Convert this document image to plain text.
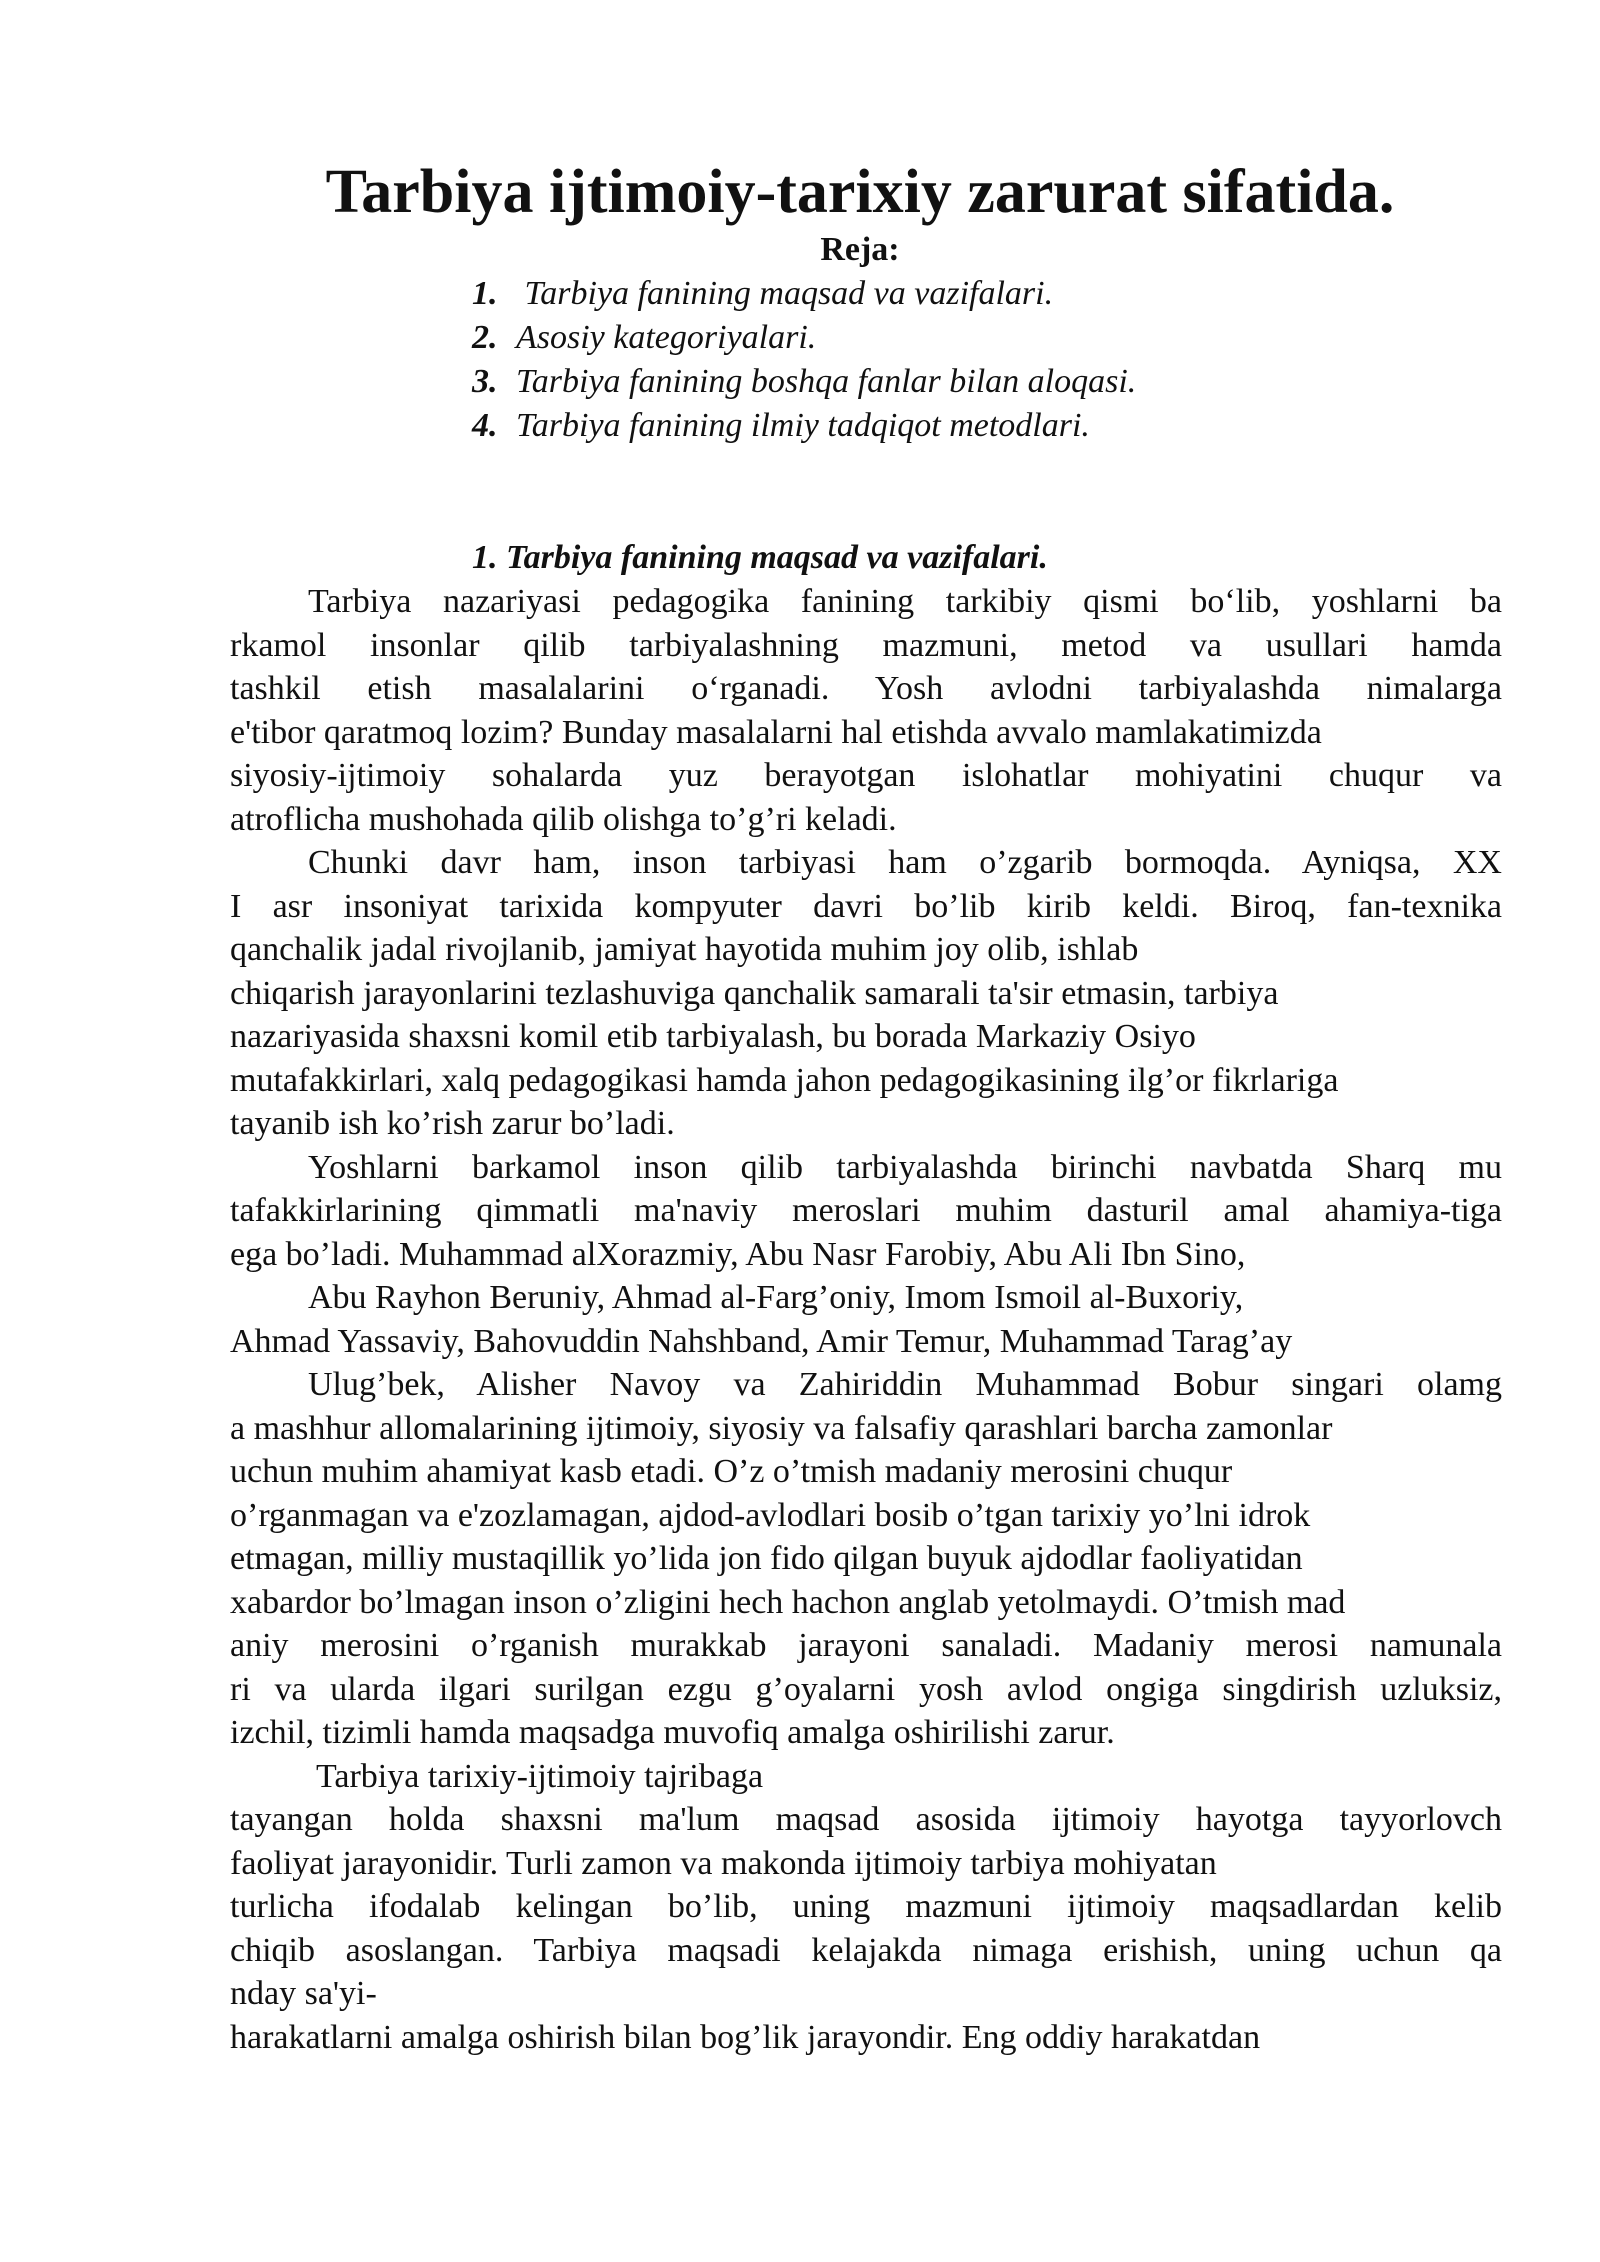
Tarbiya ijtimoiy-tarixiy zarurat sifatida.
Reja:
1. Tarbiya fanining maqsad va vazifalari.
2. Asosiy kategoriyalari.
3. Tarbiya fanining boshqa fanlar bilan aloqasi.
4. Tarbiya fanining ilmiy tadqiqot metodlari.
1. Tarbiya fanining maqsad va vazifalari.
Tarbiya nazariyasi pedagogika fanining tarkibiy qismi bo‘lib, yoshlarni ba
rkamol insonlar qilib tarbiyalashning mazmuni, metod va usullari hamda
tashkil etish masalalarini o‘rganadi. Yosh avlodni tarbiyalashda nimalarga
e'tibor qaratmoq lozim? Bunday masalalarni hal etishda avvalo mamlakatimizda
siyosiy-ijtimoiy sohalarda yuz berayotgan islohatlar mohiyatini chuqur va
atroflicha mushohada qilib olishga to’g’ri keladi.
Chunki davr ham, inson tarbiyasi ham o’zgarib bormoqda. Ayniqsa, XX
I asr insoniyat tarixida kompyuter davri bo’lib kirib keldi. Biroq, fan-texnika
qanchalik jadal rivojlanib, jamiyat hayotida muhim joy olib, ishlab
chiqarish jarayonlarini tezlashuviga qanchalik samarali ta'sir etmasin, tarbiya
nazariyasida shaxsni komil etib tarbiyalash, bu borada Markaziy Osiyo
mutafakkirlari, xalq pedagogikasi hamda jahon pedagogikasining ilg’or fikrlariga
tayanib ish ko’rish zarur bo’ladi.
Yoshlarni barkamol inson qilib tarbiyalashda birinchi navbatda Sharq mu
tafakkirlarining qimmatli ma'naviy meroslari muhim dasturil amal ahamiya-tiga
ega bo’ladi. Muhammad alXorazmiy, Abu Nasr Farobiy, Abu Ali Ibn Sino,
Abu Rayhon Beruniy, Ahmad al-Farg’oniy, Imom Ismoil al-Buxoriy,
Ahmad Yassaviy, Bahovuddin Nahshband, Amir Temur, Muhammad Tarag’ay
Ulug’bek, Alisher Navoy va Zahiriddin Muhammad Bobur singari olamg
a mashhur allomalarining ijtimoiy, siyosiy va falsafiy qarashlari barcha zamonlar
uchun muhim ahamiyat kasb etadi. O’z o’tmish madaniy merosini chuqur
o’rganmagan va e'zozlamagan, ajdod-avlodlari bosib o’tgan tarixiy yo’lni idrok
etmagan, milliy mustaqillik yo’lida jon fido qilgan buyuk ajdodlar faoliyatidan
xabardor bo’lmagan inson o’zligini hech hachon anglab yetolmaydi. O’tmish mad
aniy merosini o’rganish murakkab jarayoni sanaladi. Madaniy merosi namunala
ri va ularda ilgari surilgan ezgu g’oyalarni yosh avlod ongiga singdirish uzluksiz,
izchil, tizimli hamda maqsadga muvofiq amalga oshirilishi zarur.
Tarbiya tarixiy-ijtimoiy tajribaga
tayangan holda shaxsni ma'lum maqsad asosida ijtimoiy hayotga tayyorlovch
faoliyat jarayonidir. Turli zamon va makonda ijtimoiy tarbiya mohiyatan
turlicha ifodalab kelingan bo’lib, uning mazmuni ijtimoiy maqsadlardan kelib
chiqib asoslangan. Tarbiya maqsadi kelajakda nimaga erishish, uning uchun qa
nday sa'yi-
harakatlarni amalga oshirish bilan bog’lik jarayondir. Eng oddiy harakatdan
